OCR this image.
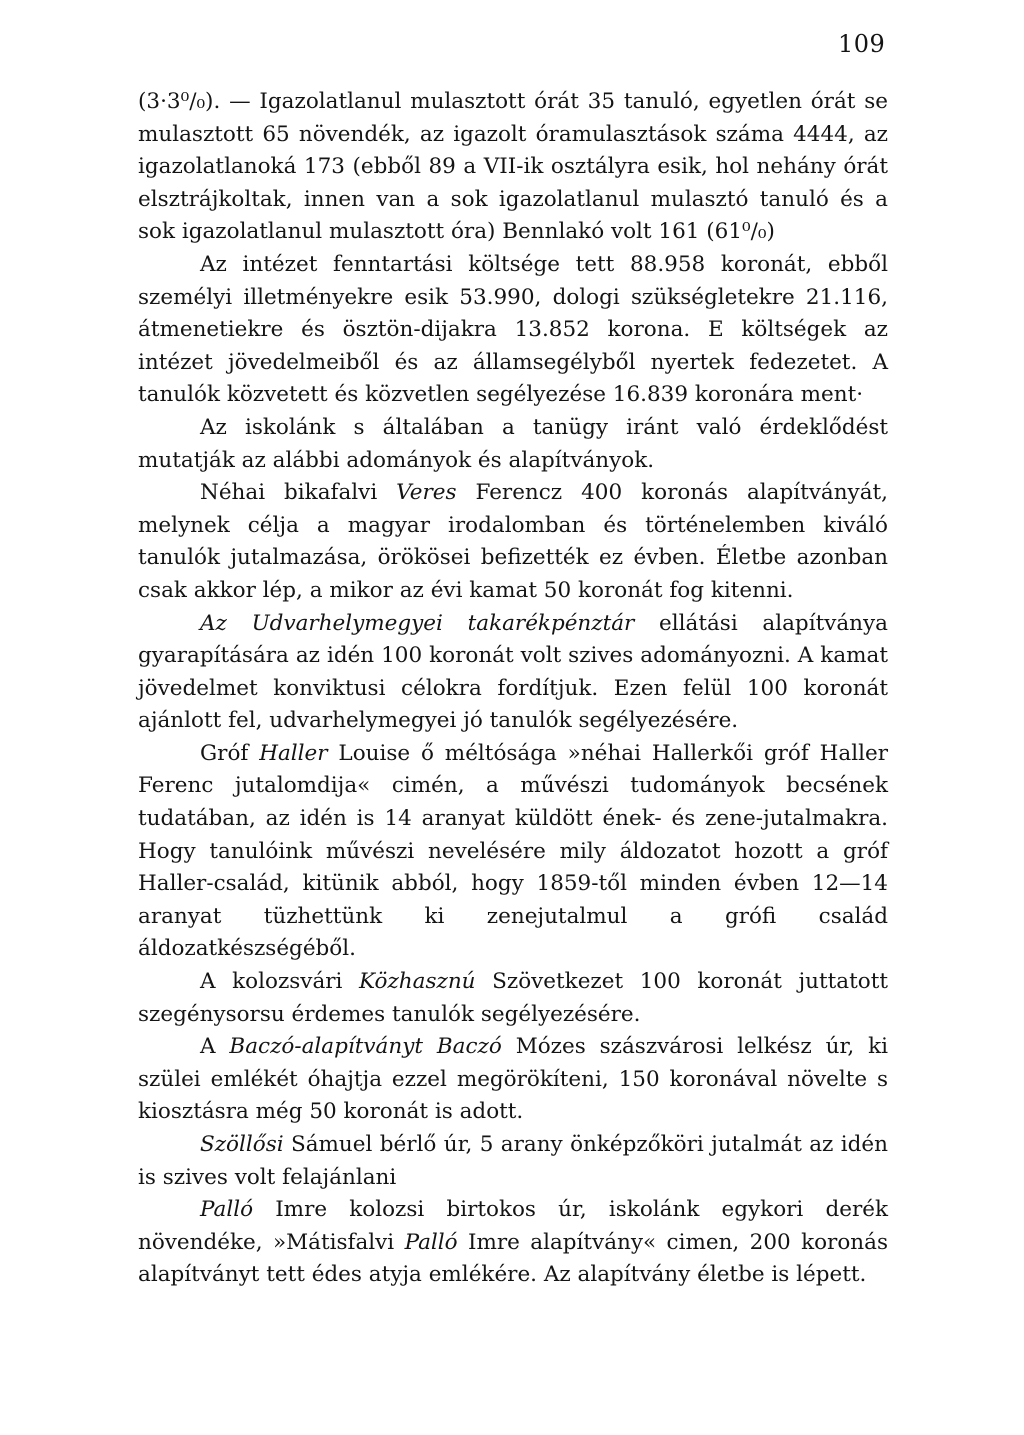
109

(3·3⁰/₀). — Igazolatlanul mulasztott órát 35 tanuló, egyetlen órát se mulasztott 65 növendék, az igazolt óramulasztások száma 4444, az igazolatlanoká 173 (ebből 89 a VII-ik osztályra esik, hol nehány órát elsztrájkoltak, innen van a sok igazolatlanul mulasztó tanuló és a sok igazolatlanul mulasztott óra) Bennlakó volt 161 (61⁰/₀)

Az intézet fenntartási költsége tett 88.958 koronát, ebből személyi illetményekre esik 53.990, dologi szükségletekre 21.116, átmenetiekre és ösztön-dijakra 13.852 korona. E költségek az intézet jövedelmeiből és az államsegélyből nyertek fedezetet. A tanulók közvetett és közvetlen segélyezése 16.839 koronára ment·

Az iskolánk s általában a tanügy iránt való érdeklődést mutatják az alábbi adományok és alapítványok.

Néhai bikafalvi Veres Ferencz 400 koronás alapítványát, melynek célja a magyar irodalomban és történelemben kiváló tanulók jutalmazása, örökösei befizették ez évben. Életbe azonban csak akkor lép, a mikor az évi kamat 50 koronát fog kitenni.

Az Udvarhelymegyei takarékpénztár ellátási alapítványa gyarapítására az idén 100 koronát volt szives adományozni. A kamat jövedelmet konviktusi célokra fordítjuk. Ezen felül 100 koronát ajánlott fel, udvarhelymegyei jó tanulók segélyezésére.

Gróf Haller Louise ő méltósága »néhai Hallerkői gróf Haller Ferenc jutalomdija« cimén, a művészi tudományok becsének tudatában, az idén is 14 aranyat küldött ének- és zene-jutalmakra. Hogy tanulóink művészi nevelésére mily áldozatot hozott a gróf Haller-család, kitünik abból, hogy 1859-től minden évben 12—14 aranyat tüzhettünk ki zenejutalmul a grófi család áldozatkészségéből.

A kolozsvári Közhasznú Szövetkezet 100 koronát juttatott szegénysorsu érdemes tanulók segélyezésére.

A Baczó-alapítványt Baczó Mózes szászvárosi lelkész úr, ki szülei emlékét óhajtja ezzel megörökíteni, 150 koronával növelte s kiosztásra még 50 koronát is adott.

Szöllősi Sámuel bérlő úr, 5 arany önképzőköri jutalmát az idén is szives volt felajánlani

Palló Imre kolozsi birtokos úr, iskolánk egykori derék növendéke, »Mátisfalvi Palló Imre alapítvány« cimen, 200 koronás alapítványt tett édes atyja emlékére. Az alapítvány életbe is lépett.
